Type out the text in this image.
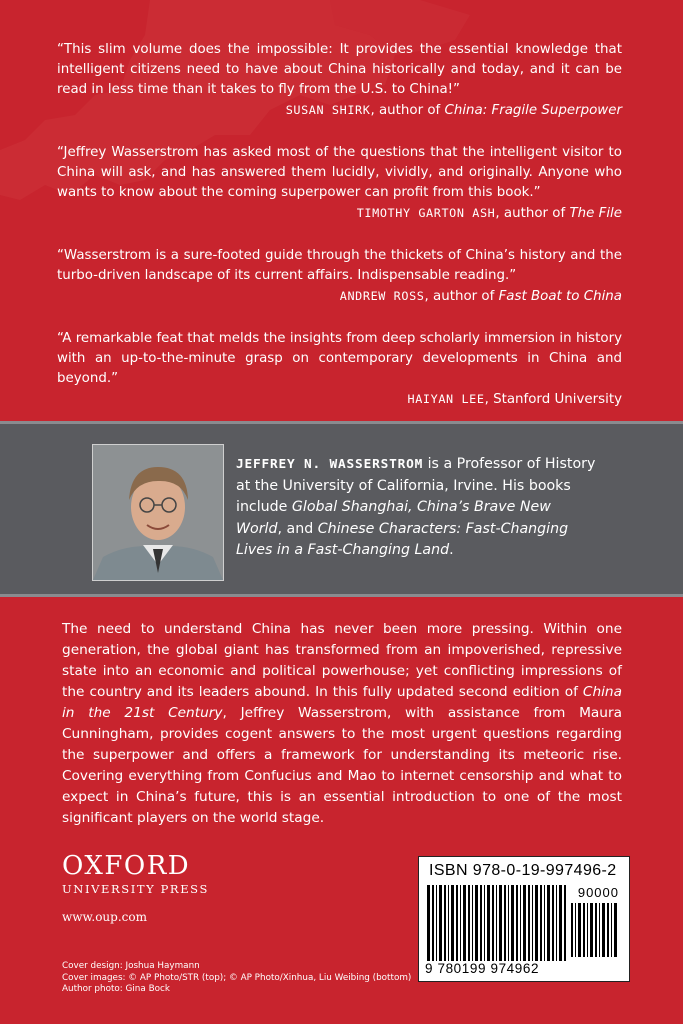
“This slim volume does the impossible: It provides the essential knowledge that intelligent citizens need to have about China historically and today, and it can be read in less time than it takes to fly from the U.S. to China!”

SUSAN SHIRK, author of China: Fragile Superpower

“Jeffrey Wasserstrom has asked most of the questions that the intelligent visitor to China will ask, and has answered them lucidly, vividly, and originally. Anyone who wants to know about the coming superpower can profit from this book.”

TIMOTHY GARTON ASH, author of The File

“Wasserstrom is a sure-footed guide through the thickets of China’s history and the turbo-driven landscape of its current affairs. Indispensable reading.”

ANDREW ROSS, author of Fast Boat to China

“A remarkable feat that melds the insights from deep scholarly immersion in history with an up-to-the-minute grasp on contemporary developments in China and beyond.”

HAIYAN LEE, Stanford University

JEFFREY N. WASSERSTROM is a Professor of History at the University of California, Irvine. His books include Global Shanghai, China’s Brave New World, and Chinese Characters: Fast-Changing Lives in a Fast-Changing Land.
The need to understand China has never been more pressing. Within one generation, the global giant has transformed from an impoverished, repressive state into an economic and political powerhouse; yet conflicting impressions of the country and its leaders abound. In this fully updated second edition of China in the 21st Century, Jeffrey Wasserstrom, with assistance from Maura Cunningham, provides cogent answers to the most urgent questions regarding the superpower and offers a framework for understanding its meteoric rise. Covering everything from Confucius and Mao to internet censorship and what to expect in China’s future, this is an essential introduction to one of the most significant players on the world stage.
OXFORD
UNIVERSITY PRESS
www.oup.com
Cover design: Joshua Haymann
Cover images: © AP Photo/STR (top); © AP Photo/Xinhua, Liu Weibing (bottom)
Author photo: Gina Bock
ISBN 978-0-19-997496-2
90000
9 780199 974962
